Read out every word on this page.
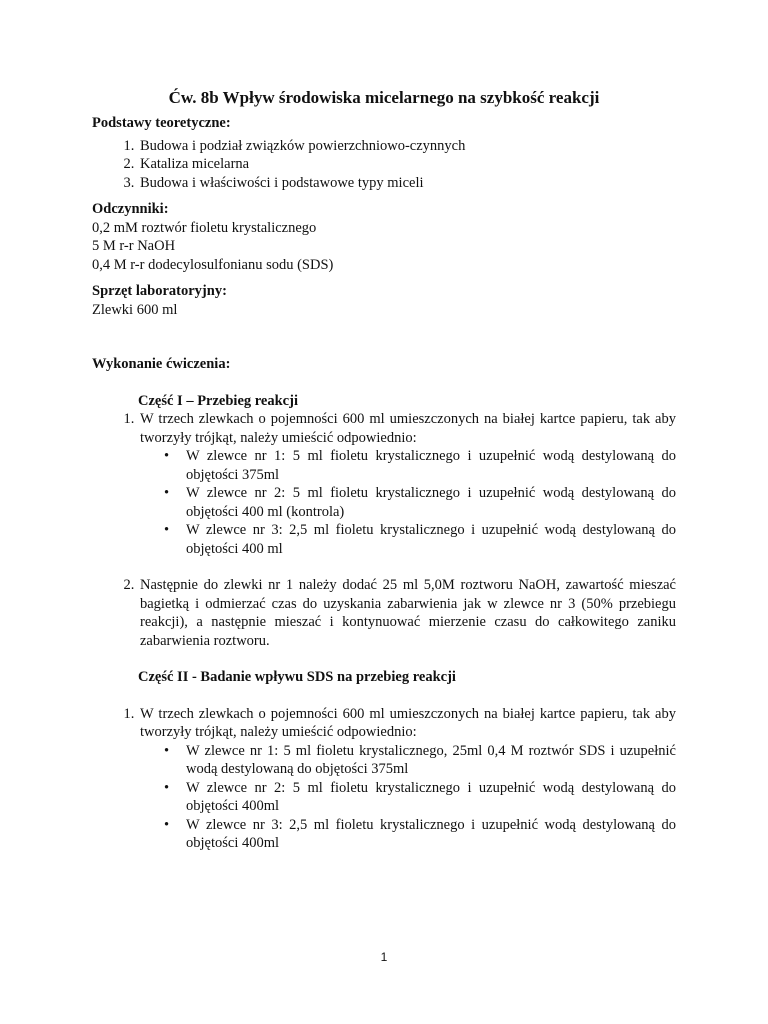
Ćw. 8b Wpływ środowiska micelarnego na szybkość reakcji
Podstawy teoretyczne:
1. Budowa i podział związków powierzchniowo-czynnych
2. Kataliza micelarna
3. Budowa i właściwości i podstawowe typy miceli
Odczynniki:
0,2 mM roztwór fioletu krystalicznego
5 M r-r NaOH
0,4 M r-r dodecylosulfonianu sodu (SDS)
Sprzęt laboratoryjny:
Zlewki 600 ml
Wykonanie ćwiczenia:
Część I – Przebieg reakcji
1. W trzech zlewkach o pojemności 600 ml umieszczonych na białej kartce papieru, tak aby tworzyły trójkąt, należy umieścić odpowiednio:
• W zlewce nr 1: 5 ml fioletu krystalicznego i uzupełnić wodą destylowaną do objętości 375ml
• W zlewce nr 2: 5 ml fioletu krystalicznego i uzupełnić wodą destylowaną do objętości 400 ml (kontrola)
• W zlewce nr 3: 2,5 ml fioletu krystalicznego i uzupełnić wodą destylowaną do objętości 400 ml
2. Następnie do zlewki nr 1 należy dodać 25 ml 5,0M roztworu NaOH, zawartość mieszać bagietką i odmierzać czas do uzyskania zabarwienia jak w zlewce nr 3 (50% przebiegu reakcji), a następnie mieszać i kontynuować mierzenie czasu do całkowitego zaniku zabarwienia roztworu.
Część II - Badanie wpływu SDS na przebieg reakcji
1. W trzech zlewkach o pojemności 600 ml umieszczonych na białej kartce papieru, tak aby tworzyły trójkąt, należy umieścić odpowiednio:
• W zlewce nr 1: 5 ml fioletu krystalicznego, 25ml 0,4 M roztwór SDS i uzupełnić wodą destylowaną do objętości 375ml
• W zlewce nr 2: 5 ml fioletu krystalicznego i uzupełnić wodą destylowaną do objętości 400ml
• W zlewce nr 3: 2,5 ml fioletu krystalicznego i uzupełnić wodą destylowaną do objętości 400ml
1
